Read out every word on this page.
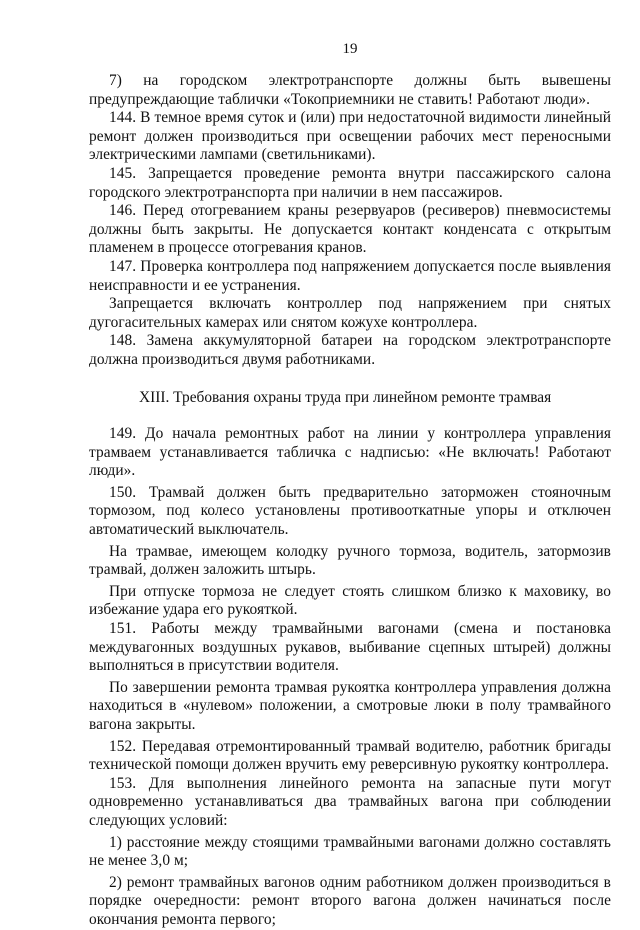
19

7) на городском электротранспорте должны быть вывешены предупреждающие таблички «Токоприемники не ставить! Работают люди».

144. В темное время суток и (или) при недостаточной видимости линейный ремонт должен производиться при освещении рабочих мест переносными электрическими лампами (светильниками).

145. Запрещается проведение ремонта внутри пассажирского салона городского электротранспорта при наличии в нем пассажиров.

146. Перед отогреванием краны резервуаров (ресиверов) пневмосистемы должны быть закрыты. Не допускается контакт конденсата с открытым пламенем в процессе отогревания кранов.

147. Проверка контроллера под напряжением допускается после выявления неисправности и ее устранения.

Запрещается включать контроллер под напряжением при снятых дугогасительных камерах или снятом кожухе контроллера.

148. Замена аккумуляторной батареи на городском электротранспорте должна производиться двумя работниками.

XIII. Требования охраны труда при линейном ремонте трамвая

149. До начала ремонтных работ на линии у контроллера управления трамваем устанавливается табличка с надписью: «Не включать! Работают люди».

150. Трамвай должен быть предварительно заторможен стояночным тормозом, под колесо установлены противооткатные упоры и отключен автоматический выключатель.

На трамвае, имеющем колодку ручного тормоза, водитель, затормозив трамвай, должен заложить штырь.

При отпуске тормоза не следует стоять слишком близко к маховику, во избежание удара его рукояткой.

151. Работы между трамвайными вагонами (смена и постановка междувагонных воздушных рукавов, выбивание сцепных штырей) должны выполняться в присутствии водителя.

По завершении ремонта трамвая рукоятка контроллера управления должна находиться в «нулевом» положении, а смотровые люки в полу трамвайного вагона закрыты.

152. Передавая отремонтированный трамвай водителю, работник бригады технической помощи должен вручить ему реверсивную рукоятку контроллера.

153. Для выполнения линейного ремонта на запасные пути могут одновременно устанавливаться два трамвайных вагона при соблюдении следующих условий:

1) расстояние между стоящими трамвайными вагонами должно составлять не менее 3,0 м;

2) ремонт трамвайных вагонов одним работником должен производиться в порядке очередности: ремонт второго вагона должен начинаться после окончания ремонта первого;
